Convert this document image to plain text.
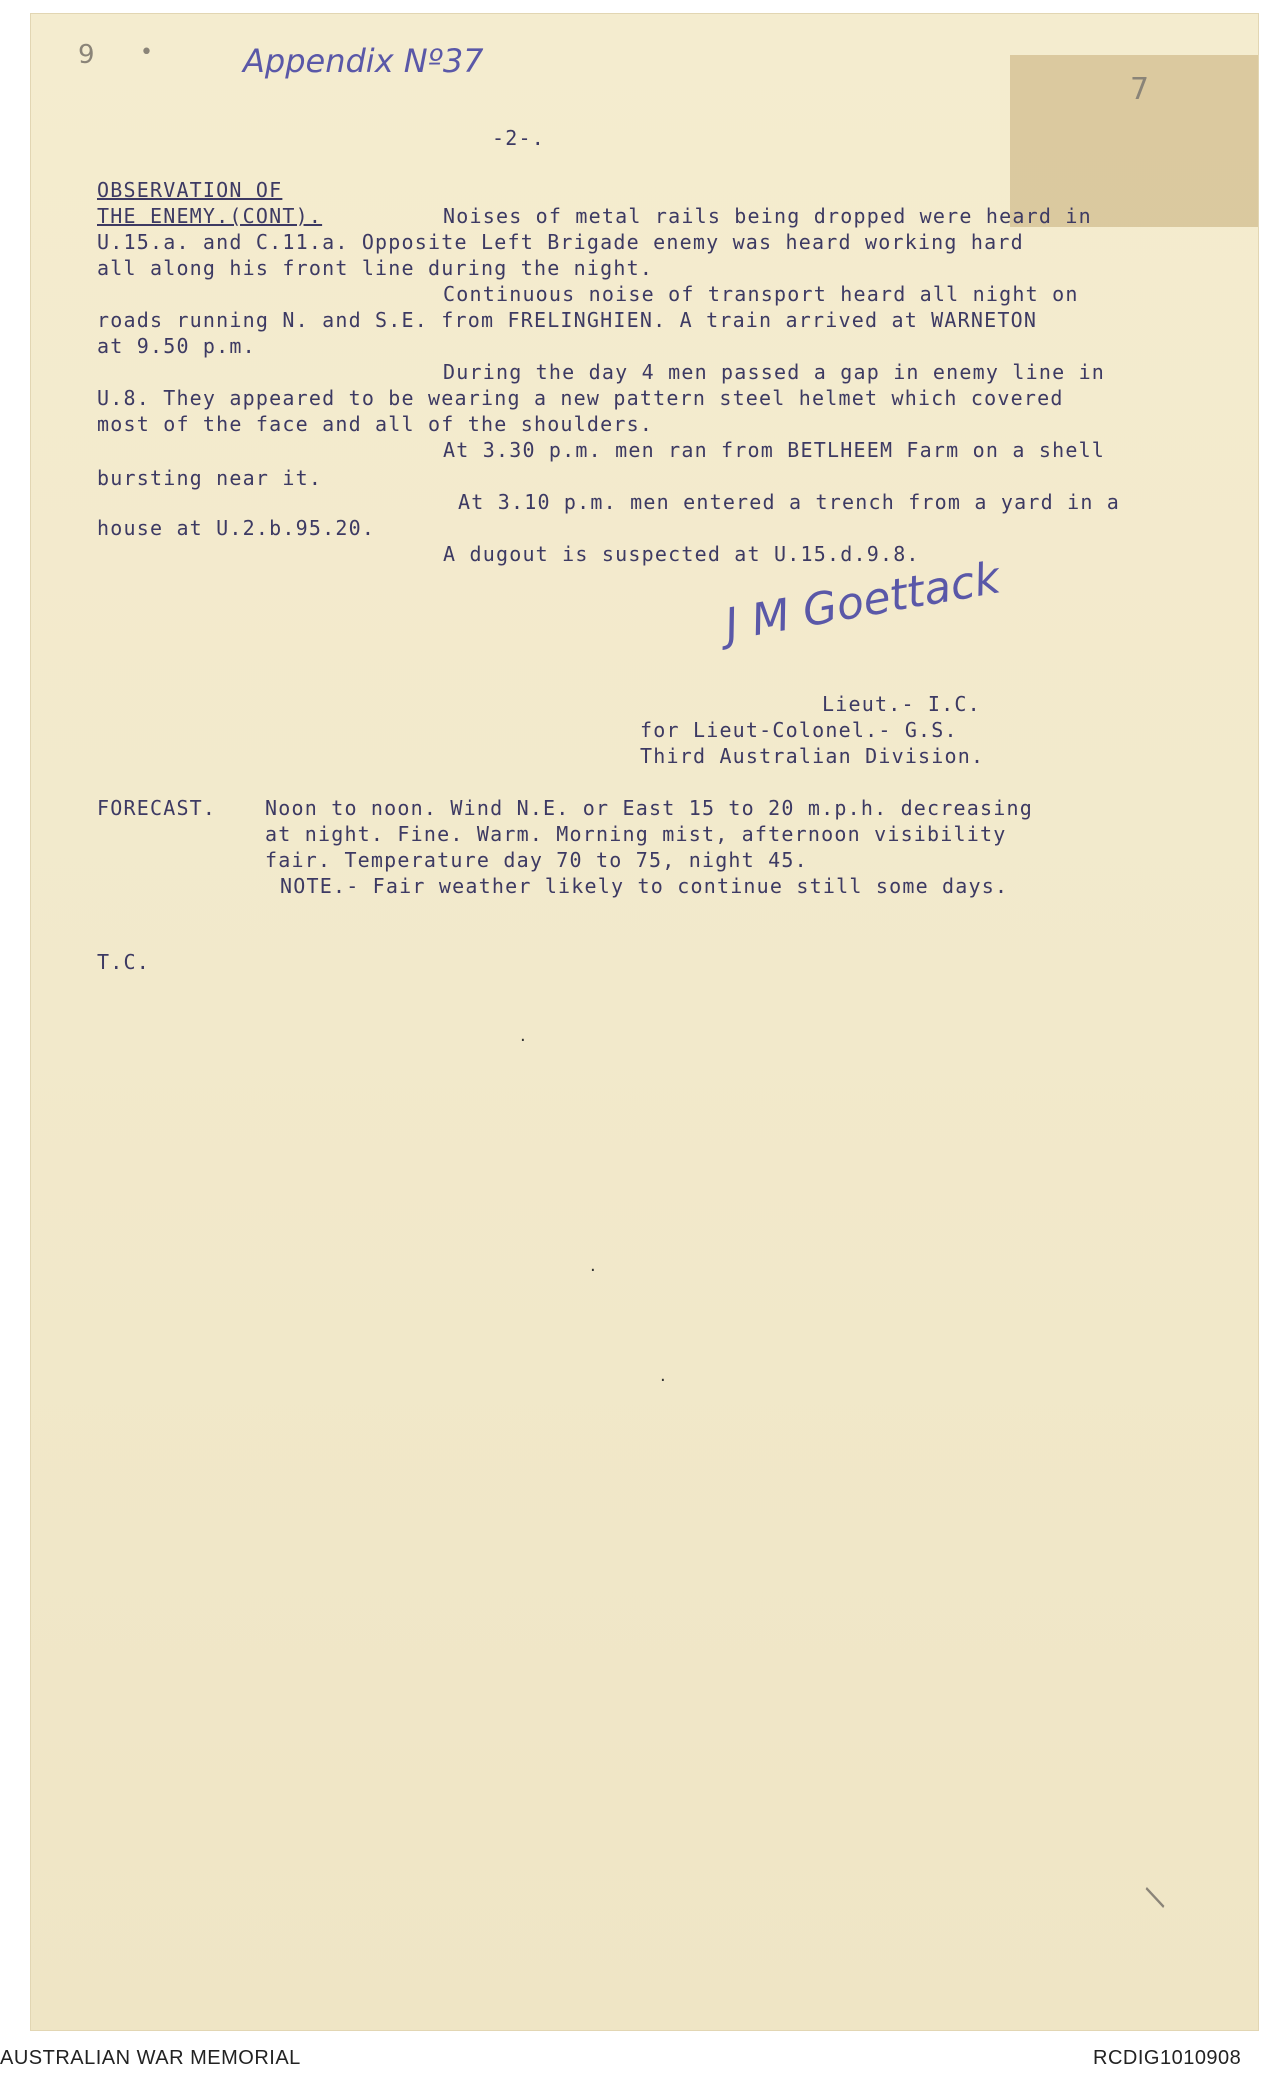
9 •	Appendix Nº37
7
-2-.
OBSERVATION OF
THE ENEMY.(CONT).	Noises of metal rails being dropped were heard in
U.15.a. and C.11.a. Opposite Left Brigade enemy was heard working hard
all along his front line during the night.
Continuous noise of transport heard all night on
roads running N. and S.E. from FRELINGHIEN. A train arrived at WARNETON
at 9.50 p.m.
During the day 4 men passed a gap in enemy line in
U.8. They appeared to be wearing a new pattern steel helmet which covered
most of the face and all of the shoulders.
At 3.30 p.m. men ran from BETLHEEM Farm on a shell
bursting near it.
At 3.10 p.m. men entered a trench from a yard in a
house at U.2.b.95.20.
A dugout is suspected at U.15.d.9.8.
J M Goettack
Lieut.- I.C.
for Lieut-Colonel.- G.S.
Third Australian Division.
FORECAST. Noon to noon. Wind N.E. or East 15 to 20 m.p.h. decreasing
at night. Fine. Warm. Morning mist, afternoon visibility
fair. Temperature day 70 to 75, night 45.
NOTE.- Fair weather likely to continue still some days.
T.C.
·
·
·
/
AUSTRALIAN WAR MEMORIAL	RCDIG1010908
